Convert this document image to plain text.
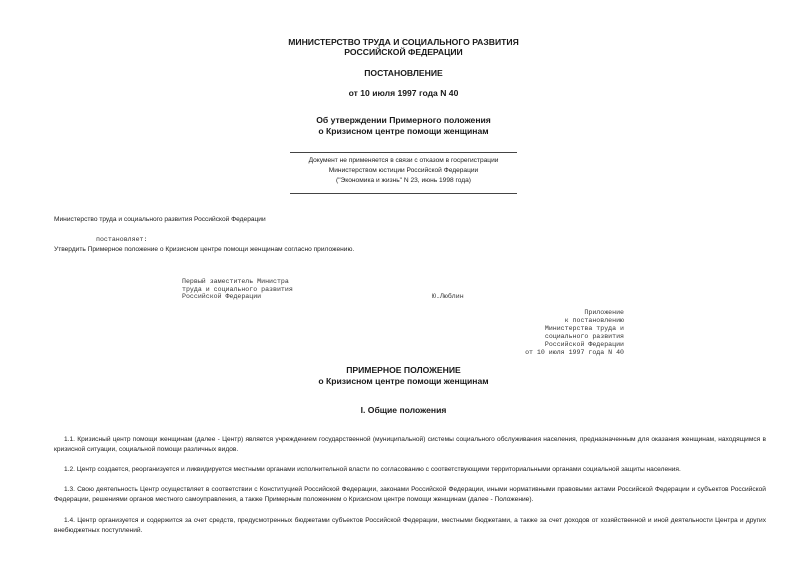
МИНИСТЕРСТВО ТРУДА И СОЦИАЛЬНОГО РАЗВИТИЯ
РОССИЙСКОЙ ФЕДЕРАЦИИ
ПОСТАНОВЛЕНИЕ
от 10 июля 1997 года N 40
Об утверждении Примерного положения
о Кризисном центре помощи женщинам
Документ не применяется в связи с отказом в госрегистрации
Министерством юстиции Российской Федерации
("Экономика и жизнь" N 23, июнь 1998 года)
Министерство труда и социального развития Российской Федерации
постановляет:
Утвердить Примерное положение о Кризисном центре помощи женщинам согласно приложению.
Первый заместитель Министра
труда и социального развития
Российской Федерации	Ю.Люблин
Приложение
к постановлению
Министерства труда и
социального развития
Российской Федерации
от 10 июля 1997 года N 40
ПРИМЕРНОЕ ПОЛОЖЕНИЕ
о Кризисном центре помощи женщинам
I. Общие положения
1.1. Кризисный центр помощи женщинам (далее - Центр) является учреждением государственной (муниципальной) системы социального обслуживания населения, предназначенным для оказания женщинам, находящимся в кризисной ситуации, социальной помощи различных видов.
1.2. Центр создается, реорганизуется и ликвидируется местными органами исполнительной власти по согласованию с соответствующими территориальными органами социальной защиты населения.
1.3. Свою деятельность Центр осуществляет в соответствии с Конституцией Российской Федерации, законами Российской Федерации, иными нормативными правовыми актами Российской Федерации и субъектов Российской Федерации, решениями органов местного самоуправления, а также Примерным положением о Кризисном центре помощи женщинам (далее - Положение).
1.4. Центр организуется и содержится за счет средств, предусмотренных бюджетами субъектов Российской Федерации, местными бюджетами, а также за счет доходов от хозяйственной и иной деятельности Центра и других внебюджетных поступлений.
